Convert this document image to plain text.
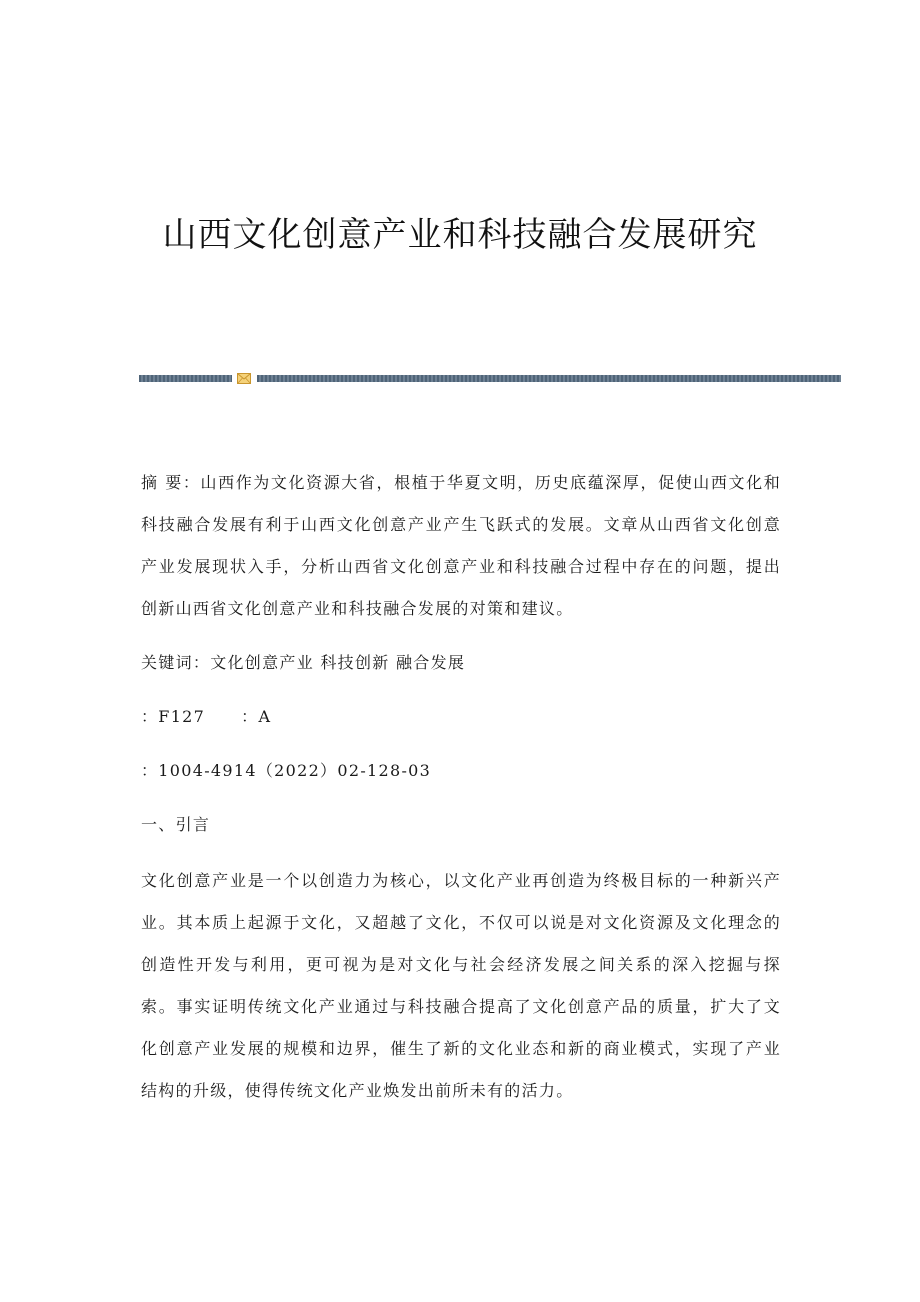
山西文化创意产业和科技融合发展研究

摘 要：山西作为文化资源大省，根植于华夏文明，历史底蕴深厚，促使山西文化和科技融合发展有利于山西文化创意产业产生飞跃式的发展。文章从山西省文化创意产业发展现状入手，分析山西省文化创意产业和科技融合过程中存在的问题，提出创新山西省文化创意产业和科技融合发展的对策和建议。

关键词：文化创意产业 科技创新 融合发展

：F127 ：A

：1004-4914（2022）02-128-03

一、引言

文化创意产业是一个以创造力为核心，以文化产业再创造为终极目标的一种新兴产业。其本质上起源于文化，又超越了文化，不仅可以说是对文化资源及文化理念的创造性开发与利用，更可视为是对文化与社会经济发展之间关系的深入挖掘与探索。事实证明传统文化产业通过与科技融合提高了文化创意产品的质量，扩大了文化创意产业发展的规模和边界，催生了新的文化业态和新的商业模式，实现了产业结构的升级，使得传统文化产业焕发出前所未有的活力。
